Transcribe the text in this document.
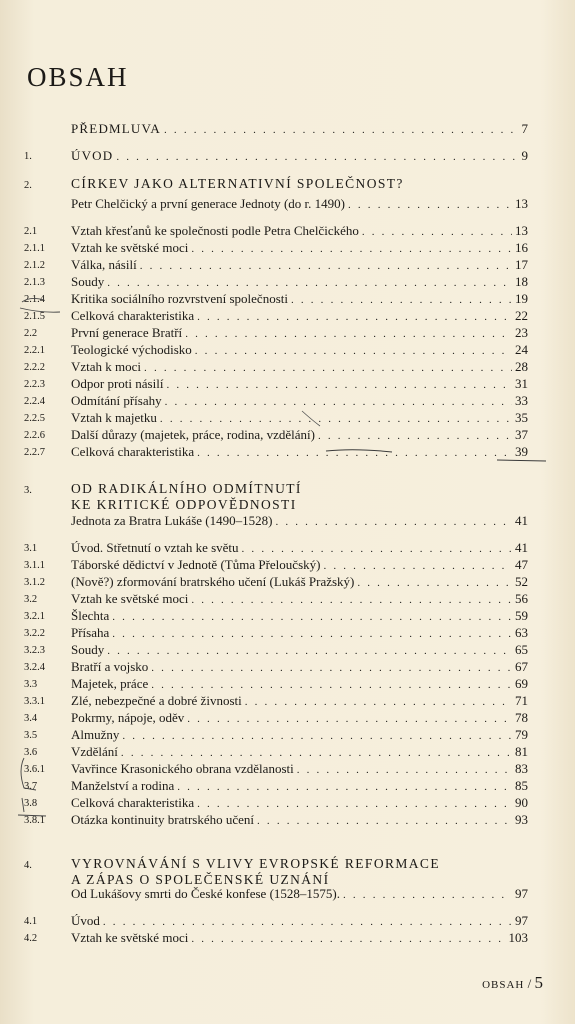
OBSAH
PŘEDMLUVA . . .	7
1.	ÚVOD . . .	9
2.	CÍRKEV JAKO ALTERNATIVNÍ SPOLEČNOST?
Petr Chelčický a první generace Jednoty (do r. 1490) . . .	13
2.1	Vztah křesťanů ke společnosti podle Petra Chelčického . . .	13
2.1.1	Vztah ke světské moci . . .	16
2.1.2	Válka, násilí . . .	17
2.1.3	Soudy . . .	18
2.1.4	Kritika sociálního rozvrstvení společnosti . . .	19
2.1.5	Celková charakteristika . . .	22
2.2	První generace Bratří . . .	23
2.2.1	Teologické východisko . . .	24
2.2.2	Vztah k moci . . .	28
2.2.3	Odpor proti násilí . . .	31
2.2.4	Odmítání přísahy . . .	33
2.2.5	Vztah k majetku . . .	35
2.2.6	Další důrazy (majetek, práce, rodina, vzdělání) . . .	37
2.2.7	Celková charakteristika . . .	39
3.	OD RADIKÁLNÍHO ODMÍTNUTÍ
KE KRITICKÉ ODPOVĚDNOSTI
Jednota za Bratra Lukáše (1490–1528) . . .	41
3.1	Úvod. Střetnutí o vztah ke světu . . .	41
3.1.1	Táborské dědictví v Jednotě (Tůma Přeloučský) . . .	47
3.1.2	(Nově?) zformování bratrského učení (Lukáš Pražský) . . .	52
3.2	Vztah ke světské moci . . .	56
3.2.1	Šlechta . . .	59
3.2.2	Přísaha . . .	63
3.2.3	Soudy . . .	65
3.2.4	Bratří a vojsko . . .	67
3.3	Majetek, práce . . .	69
3.3.1	Zlé, nebezpečné a dobré živnosti . . .	71
3.4	Pokrmy, nápoje, oděv . . .	78
3.5	Almužny . . .	79
3.6	Vzdělání . . .	81
3.6.1	Vavřince Krasonického obrana vzdělanosti . . .	83
3.7	Manželství a rodina . . .	85
3.8	Celková charakteristika . . .	90
3.8.1	Otázka kontinuity bratrského učení . . .	93
4.	VYROVNÁVÁNÍ S VLIVY EVROPSKÉ REFORMACE
A ZÁPAS O SPOLEČENSKÉ UZNÁNÍ
Od Lukášovy smrti do České konfese (1528–1575). . . .	97
4.1	Úvod . . .	97
4.2	Vztah ke světské moci . . .	103
OBSAH / 5
